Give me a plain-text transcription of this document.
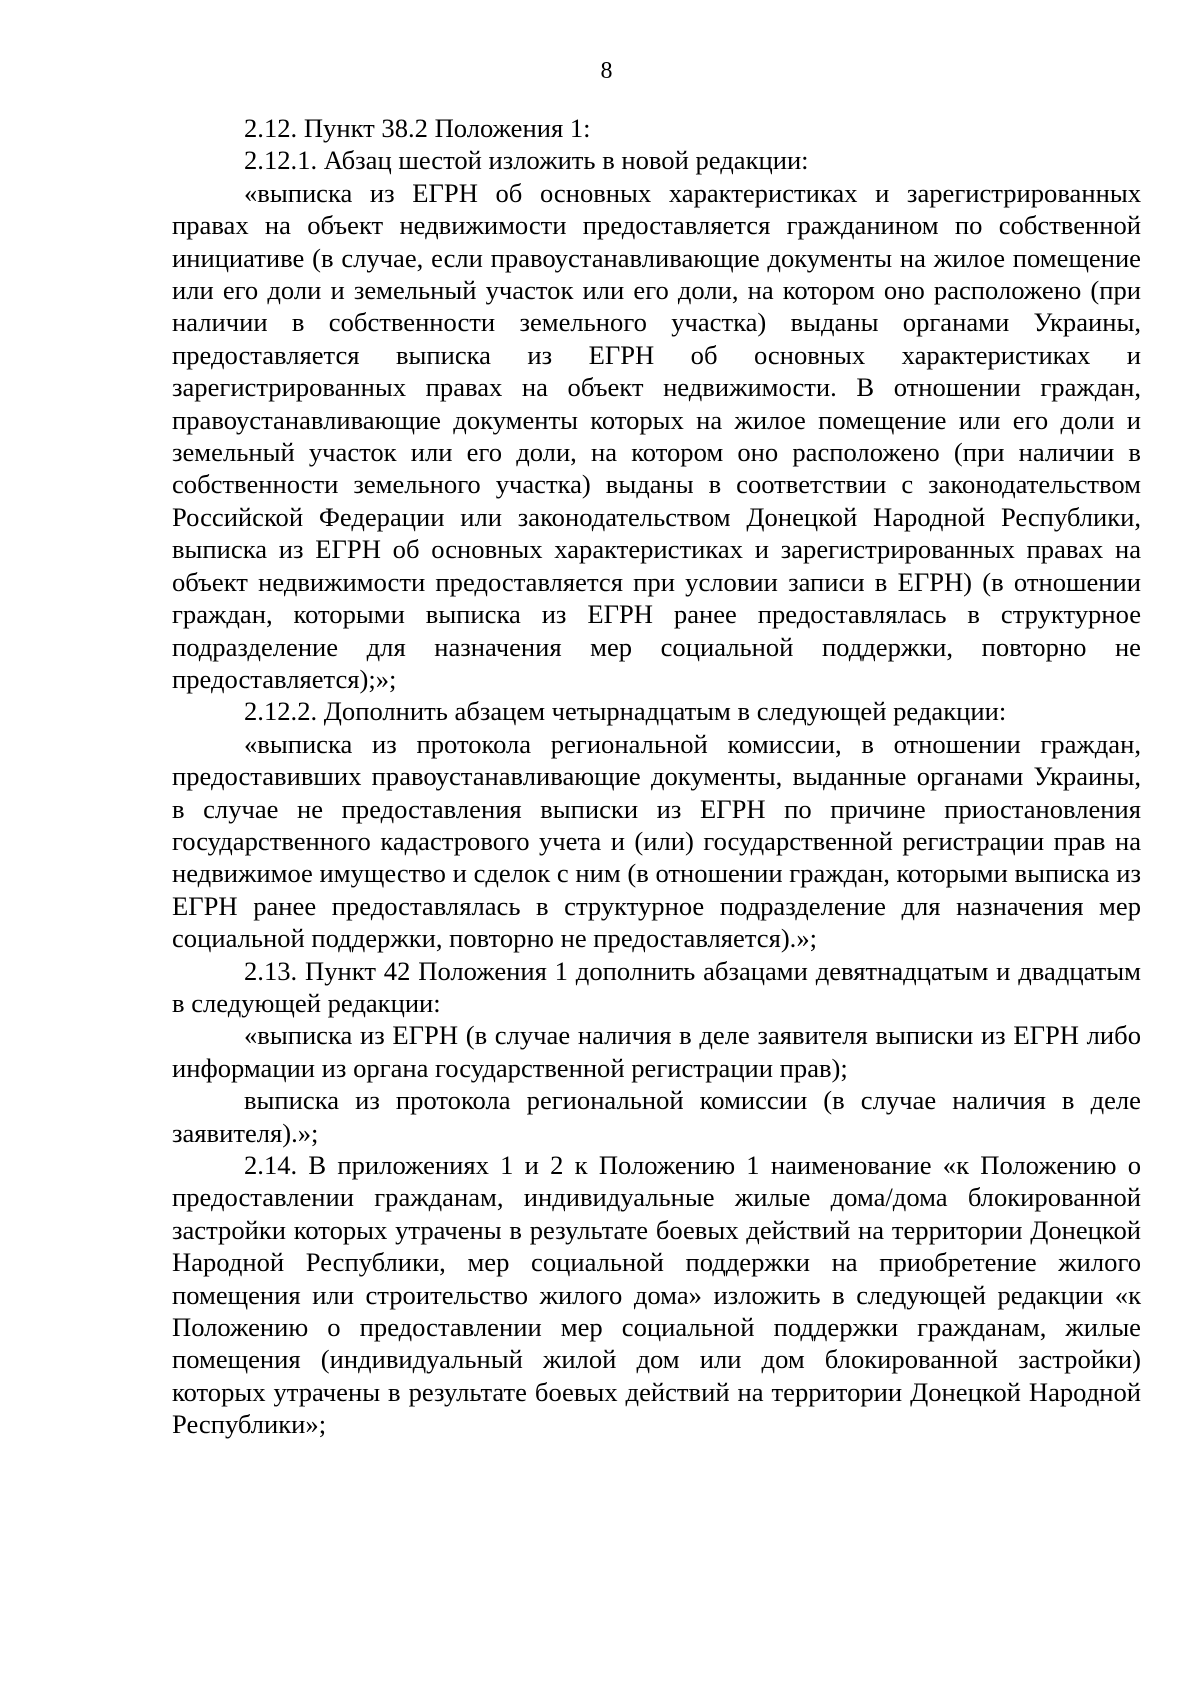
8

2.12. Пункт 38.2 Положения 1:

2.12.1. Абзац шестой изложить в новой редакции:

«выписка из ЕГРН об основных характеристиках и зарегистрированных правах на объект недвижимости предоставляется гражданином по собственной инициативе (в случае, если правоустанавливающие документы на жилое помещение или его доли и земельный участок или его доли, на котором оно расположено (при наличии в собственности земельного участка) выданы органами Украины, предоставляется выписка из ЕГРН об основных характеристиках и зарегистрированных правах на объект недвижимости. В отношении граждан, правоустанавливающие документы которых на жилое помещение или его доли и земельный участок или его доли, на котором оно расположено (при наличии в собственности земельного участка) выданы в соответствии с законодательством Российской Федерации или законодательством Донецкой Народной Республики, выписка из ЕГРН об основных характеристиках и зарегистрированных правах на объект недвижимости предоставляется при условии записи в ЕГРН) (в отношении граждан, которыми выписка из ЕГРН ранее предоставлялась в структурное подразделение для назначения мер социальной поддержки, повторно не предоставляется);»;

2.12.2. Дополнить абзацем четырнадцатым в следующей редакции:

«выписка из протокола региональной комиссии, в отношении граждан, предоставивших правоустанавливающие документы, выданные органами Украины, в случае не предоставления выписки из ЕГРН по причине приостановления государственного кадастрового учета и (или) государственной регистрации прав на недвижимое имущество и сделок с ним (в отношении граждан, которыми выписка из ЕГРН ранее предоставлялась в структурное подразделение для назначения мер социальной поддержки, повторно не предоставляется).»;

2.13. Пункт 42 Положения 1 дополнить абзацами девятнадцатым и двадцатым в следующей редакции:

«выписка из ЕГРН (в случае наличия в деле заявителя выписки из ЕГРН либо информации из органа государственной регистрации прав);

выписка из протокола региональной комиссии (в случае наличия в деле заявителя).»;

2.14. В приложениях 1 и 2 к Положению 1 наименование «к Положению о предоставлении гражданам, индивидуальные жилые дома/дома блокированной застройки которых утрачены в результате боевых действий на территории Донецкой Народной Республики, мер социальной поддержки на приобретение жилого помещения или строительство жилого дома» изложить в следующей редакции «к Положению о предоставлении мер социальной поддержки гражданам, жилые помещения (индивидуальный жилой дом или дом блокированной застройки) которых утрачены в результате боевых действий на территории Донецкой Народной Республики»;
